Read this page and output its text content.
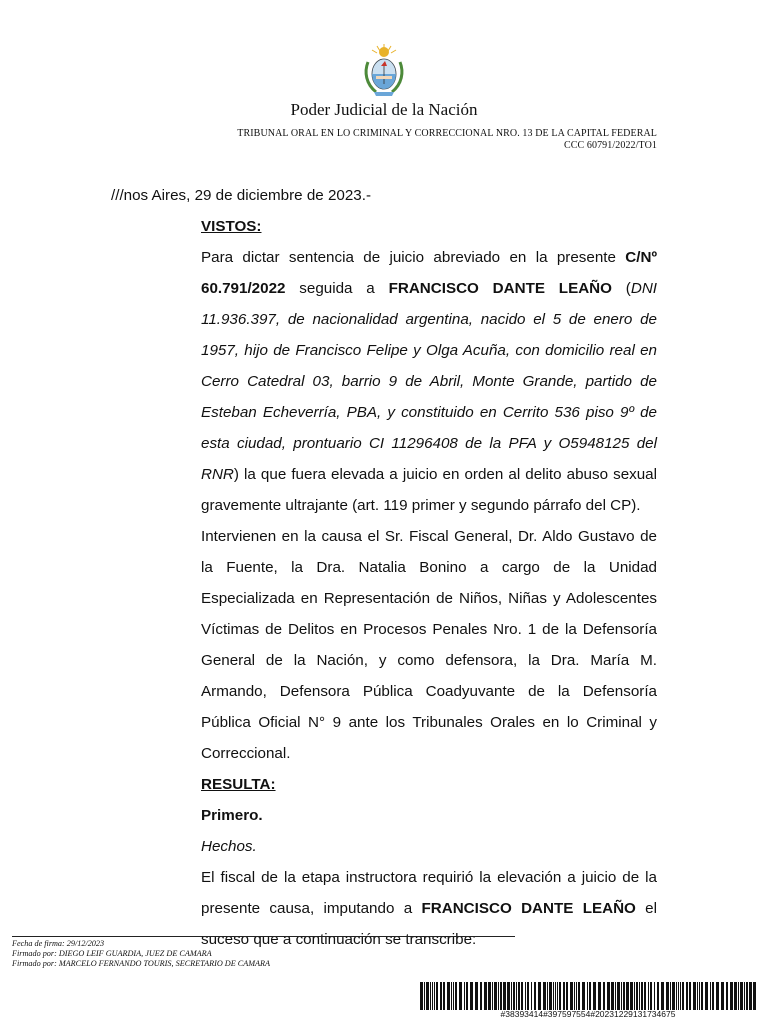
Poder Judicial de la Nación
TRIBUNAL ORAL EN LO CRIMINAL Y CORRECCIONAL NRO. 13 DE LA CAPITAL FEDERAL
CCC 60791/2022/TO1

///nos Aires, 29 de diciembre de 2023.-

VISTOS:

Para dictar sentencia de juicio abreviado en la presente C/Nº 60.791/2022 seguida a FRANCISCO DANTE LEAÑO (DNI 11.936.397, de nacionalidad argentina, nacido el 5 de enero de 1957, hijo de Francisco Felipe y Olga Acuña, con domicilio real en Cerro Catedral 03, barrio 9 de Abril, Monte Grande, partido de Esteban Echeverría, PBA, y constituido en Cerrito 536 piso 9º de esta ciudad, prontuario CI 11296408 de la PFA y O5948125 del RNR) la que fuera elevada a juicio en orden al delito abuso sexual gravemente ultrajante (art. 119 primer y segundo párrafo del CP).

Intervienen en la causa el Sr. Fiscal General, Dr. Aldo Gustavo de la Fuente, la Dra. Natalia Bonino a cargo de la Unidad Especializada en Representación de Niños, Niñas y Adolescentes Víctimas de Delitos en Procesos Penales Nro. 1 de la Defensoría General de la Nación, y como defensora, la Dra. María M. Armando, Defensora Pública Coadyuvante de la Defensoría Pública Oficial N° 9 ante los Tribunales Orales en lo Criminal y Correccional.

RESULTA:

Primero.

Hechos.

El fiscal de la etapa instructora requirió la elevación a juicio de la presente causa, imputando a FRANCISCO DANTE LEAÑO el suceso que a continuación se transcribe:

Fecha de firma: 29/12/2023
Firmado por: DIEGO LEIF GUARDIA, JUEZ DE CAMARA
Firmado por: MARCELO FERNANDO TOURIS, SECRETARIO DE CAMARA
#38393414#397597554#20231229131734675
